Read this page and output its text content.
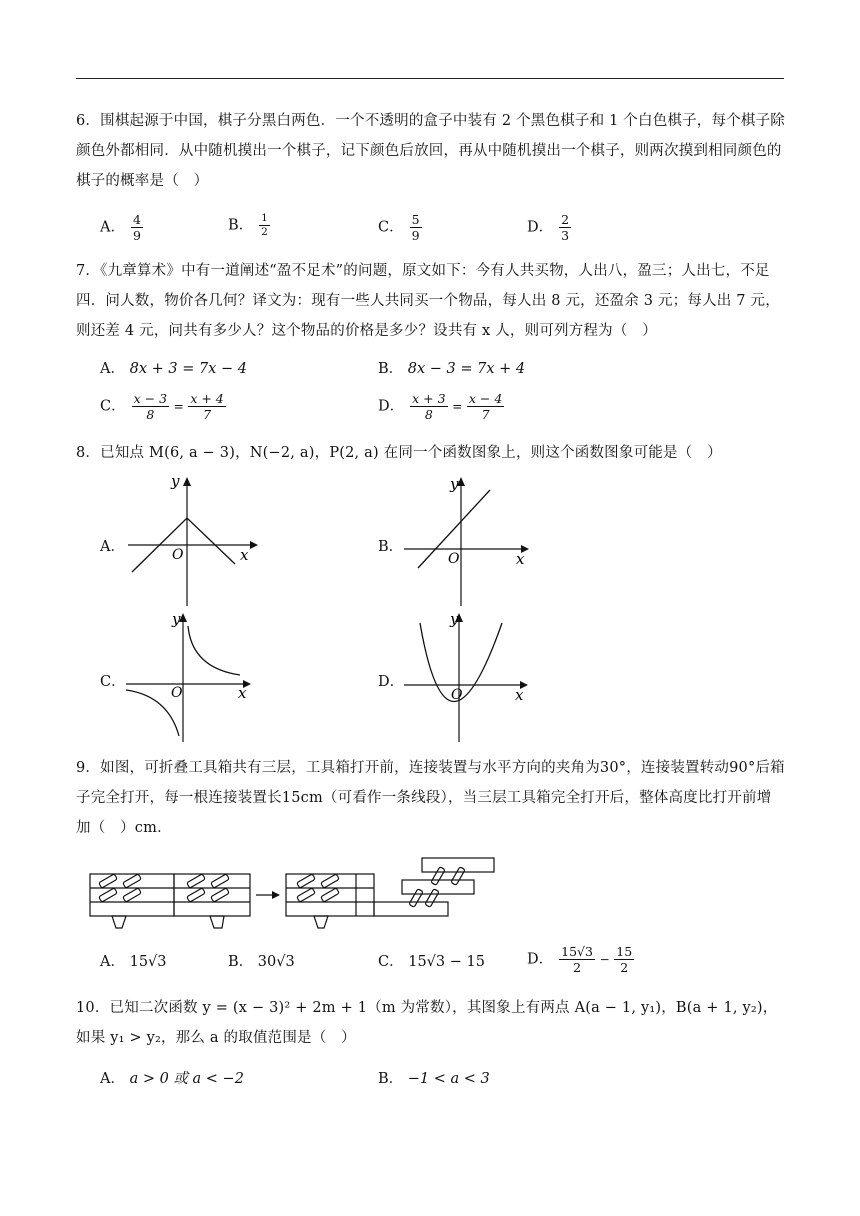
6．围棋起源于中国，棋子分黑白两色．一个不透明的盒子中装有 2 个黑色棋子和 1 个白色棋子，每个棋子除颜色外都相同．从中随机摸出一个棋子，记下颜色后放回，再从中随机摸出一个棋子，则两次摸到相同颜色的棋子的概率是（　）
A． $\frac{4}{9}$	B． $\frac{1}{2}$	C． $\frac{5}{9}$	D． $\frac{2}{3}$
7．《九章算术》中有一道阐述“盈不足术”的问题，原文如下：今有人共买物，人出八，盈三；人出七，不足四．问人数，物价各几何？译文为：现有一些人共同买一个物品，每人出 8 元，还盈余 3 元；每人出 7 元，则还差 4 元，问共有多少人？这个物品的价格是多少？设共有 x 人，则可列方程为（　）
A． 8x + 3 = 7x − 4	B． 8x − 3 = 7x + 4
C． $\frac{x - 3}{8} = \frac{x + 4}{7}$	D． $\frac{x + 3}{8} = \frac{x - 4}{7}$
8．已知点 M(6, a − 3)，N(−2, a)，P(2, a) 在同一个函数图象上，则这个函数图象可能是（　）
A．
y
O	x	B．
y
O	x
C．
y
O	x
D．
y
O	x
9．如图，可折叠工具箱共有三层，工具箱打开前，连接装置与水平方向的夹角为30°，连接装置转动90°后箱子完全打开，每一根连接装置长15cm（可看作一条线段），当三层工具箱完全打开后，整体高度比打开前增加（　）cm．
A． 15√3	B． 30√3	C． 15√3 − 15	D． $\frac{15√3}{2} - \frac{15}{2}$
10．已知二次函数 y = (x − 3)² + 2m + 1（m 为常数），其图象上有两点 A(a − 1, y₁)，B(a + 1, y₂)，如果 y₁ > y₂，那么 a 的取值范围是（　）
A． a > 0 或 a < −2	B． −1 < a < 3
